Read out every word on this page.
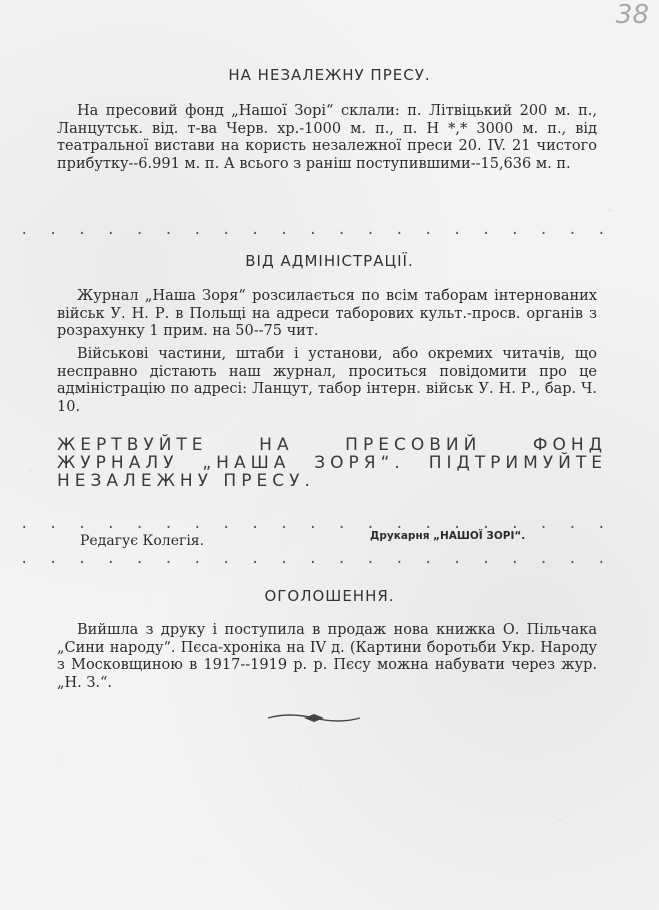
38
НА НЕЗАЛЕЖНУ ПРЕСУ.
На пресовий фонд „Нашої Зорі“ склали: п. Літвіцький 200 м. п., Ланцутськ. від. т-ва Черв. хр.-1000 м. п., п. Н *,* 3000 м. п., від театральної вистави на користь незалежної преси 20. IV. 21 чистого прибутку--6.991 м. п. А всього з раніш поступившими--15,636 м. п.
. . .
ВІД АДМІНІСТРАЦІЇ.
Журнал „Наша Зоря“ розсилається по всім таборам інтернованих військ У. Н. Р. в Польщі на адреси таборових культ.-просв. органів з розрахунку 1 прим. на 50--75 чит.
Військові частини, штаби і установи, або окремих читачів, що несправно дістають наш журнал, проситься повідомити про це адміністрацію по адресі: Ланцут, табор інтерн. військ У. Н. Р., бар. Ч. 10.
ЖЕРТВУЙТЕ НА ПРЕСОВИЙ ФОНД ЖУРНАЛУ „НАША ЗОРЯ“. ПІДТРИМУЙТЕ НЕЗАЛЕЖНУ ПРЕСУ.
. . .
Редагує Колегія.	Друкарня „НАШОЇ ЗОРІ“.
. . .
ОГОЛОШЕННЯ.
Вийшла з друку і поступила в продаж нова книжка О. Пільчака „Сини народу“. Пєса-хроніка на IV д. (Картини боротьби Укр. Народу з Московщиною в 1917--1919 р. р. Пєсу можна набувати через жур. „Н. З.“.
